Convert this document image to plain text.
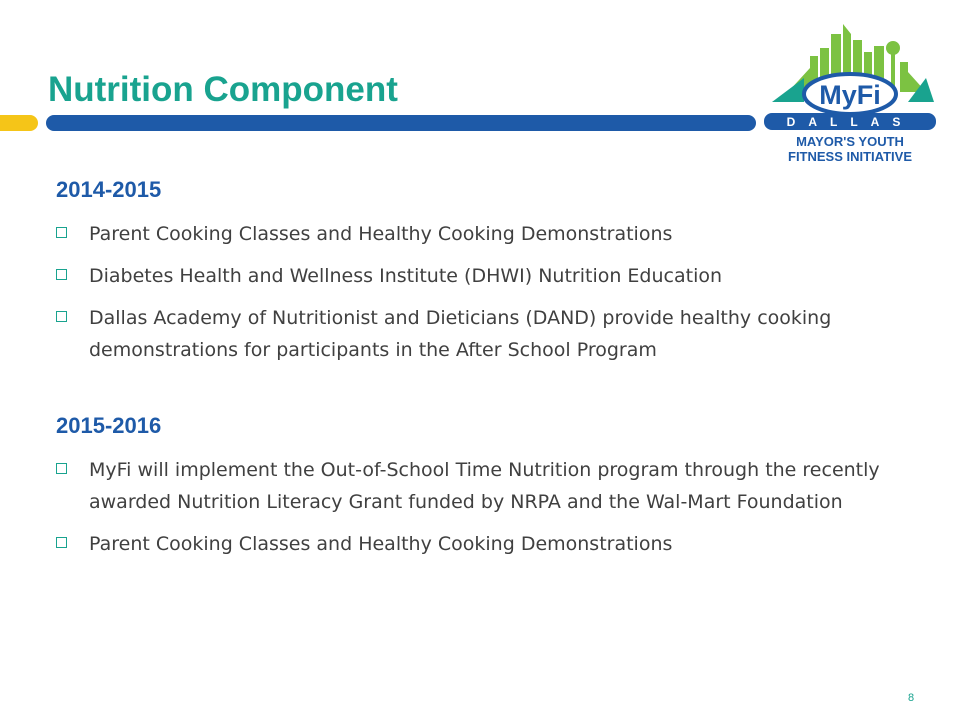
Nutrition Component	MyFi
DALLAS
MAYOR'S YOUTH
FITNESS INITIATIVE
2014-2015
Parent Cooking Classes and Healthy Cooking Demonstrations
Diabetes Health and Wellness Institute (DHWI) Nutrition Education
Dallas Academy of Nutritionist and Dieticians (DAND) provide healthy cooking demonstrations for participants in the After School Program
2015-2016
MyFi will implement the Out-of-School Time Nutrition program through the recently awarded Nutrition Literacy Grant funded by NRPA and the Wal-Mart Foundation
Parent Cooking Classes and Healthy Cooking Demonstrations
8
